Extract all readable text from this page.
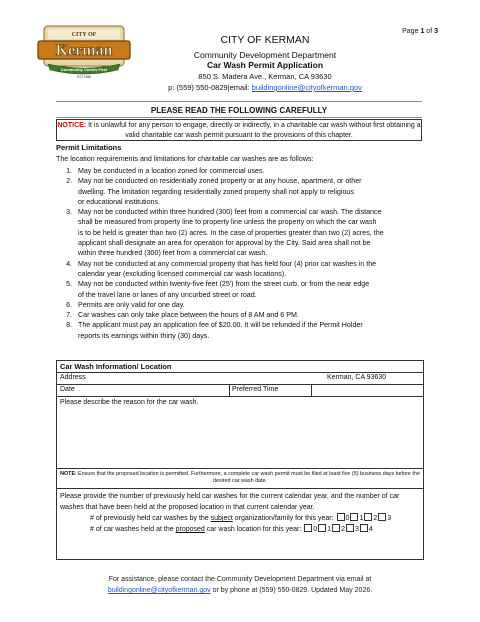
Page 1 of 3
CITY OF
Kerman
Community Comes First
EST 1946
CITY OF KERMAN
Community Development Department
Car Wash Permit Application
850 S. Madera Ave., Kerman, CA 93630
p: (559) 550-0829|email: buildingonline@cityofkerman.gov
PLEASE READ THE FOLLOWING CAREFULLY
NOTICE: It is unlawful for any person to engage, directly or indirectly, in a charitable car wash without first obtaining a valid charitable car wash permit pursuant to the provisions of this chapter.
Permit Limitations
The location requirements and limitations for charitable car washes are as follows:
1. May be conducted in a location zoned for commercial uses.
2. May not be conducted on residentially zoned property or at any house, apartment, or other
dwelling. The limitation regarding residentially zoned property shall not apply to religious
or educational institutions.
3. May not be conducted within three hundred (300) feet from a commercial car wash. The distance
shall be measured from property line to property line unless the property on which the car wash
is to be held is greater than two (2) acres. In the case of properties greater than two (2) acres, the
applicant shall designate an area for operation for approval by the City. Said area shall not be
within three hundred (300) feet from a commercial car wash.
4. May not be conducted at any commercial property that has held four (4) prior car washes in the
calendar year (excluding licensed commercial car wash locations).
5. May not be conducted within twenty-five feet (25') from the street curb, or from the near edge
of the travel lane or lanes of any uncurbed street or road.
6. Permits are only valid for one day.
7. Car washes can only take place between the hours of 8 AM and 6 PM.
8. The applicant must pay an application fee of $20.00. It will be refunded if the Permit Holder
reports its earnings within thirty (30) days.
Car Wash Information/ Location
Address	Kerman, CA 93630
Date	Preferred Time
Please describe the reason for the car wash.
NOTE: Ensure that the proposed location is permitted. Furthermore, a complete car wash permit must be filed at least five (5) business days before the desired car wash date.
Please provide the number of previously held car washes for the current calendar year, and the number of car washes that have been held at the proposed location in that current calendar year.
# of previously held car washes by the subject organization/family for this year: 0 1 2 3
# of car washes held at the proposed car wash location for this year: 0 1 2 3 4
For assistance, please contact the Community Development Department via email at
buildingonline@cityofkerman.gov or by phone at (559) 550-0829. Updated May 2026.
